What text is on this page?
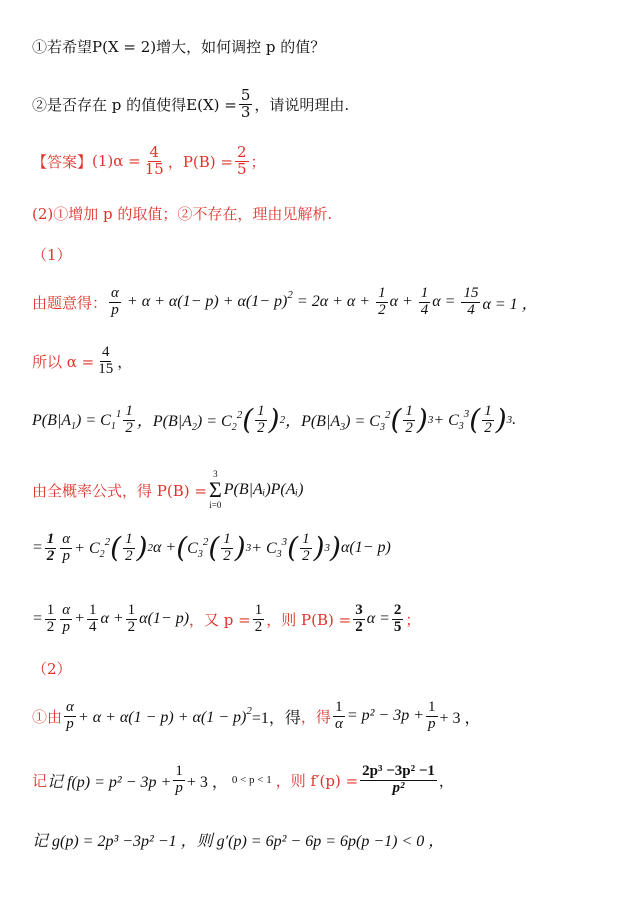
①若希望P(X = 2)增大，如何调控 p 的值？
②是否存在 p 的值使得$E(X) = \frac{5}{3}$ ，请说明理由.
【答案】 $(1)\alpha = \frac{4}{15}$ ，$P(B) = \frac{2}{5}$ ；
(2)①增加 p 的取值；②不存在，理由见解析.
（1）
由题意得： $\frac{\alpha}{p} + \alpha + \alpha(1- p) + \alpha(1- p)^2 = 2\alpha + \alpha + \frac{1}{2}$ $\alpha + \frac{1}{4}$ $\alpha = \frac{15}{4}$ α = 1 ，
所以 $\alpha = \frac{4}{15}$ ，
$P(B|A_1) = C_1^1 \frac{1}{2}$ ，$P(B|A_2) = C_2^2$ ( $\frac{1}{2}$ ) 2 ，$P(B|A_3) = C_3^2$ ( $\frac{1}{2}$ ) $3 + C_3^3$ ( $\frac{1}{2}$ ) 3 .
由全概率公式，得 P(B) =
3
Σ
i=0
P(B|Aᵢ)P(Aᵢ)
= $\frac{1}{2} \frac{\alpha}{p} + C_2^2$ ( $\frac{1}{2}$ ) 2 α + ( $C_3^2$ ( $\frac{1}{2}$ ) $3 + C_3^3$ ( $\frac{1}{2}$ ) 3 ) α(1− p)
= $\frac{1}{2} \frac{\alpha}{p} + \frac{1}{4}$ $\alpha + \frac{1}{2} \alpha(1- p)$ ，又 $p = \frac{1}{2}$ ，则 $P(B) = \frac{3}{2}$ $\alpha = \frac{2}{5}$ ；
（2）
①由 $\frac{\alpha}{p} + \alpha + \alpha(1 - p) + \alpha(1 - p)^2 =1$，得 ，得 $\frac{1}{\alpha} = p^2 - 3p + \frac{1}{p} + 3$ ，
记 记 $f(p) = p^2 - 3p + \frac{1}{p} + 3$ ， 0 < p < 1 ，则 $f'(p) = \frac{\text{2p³ −3p² −1}}{\text{p²}}$ ，
记 g(p) = 2p³ −3p² −1 ，则 g′(p) = 6p² − 6p = 6p(p −1) < 0 ，
